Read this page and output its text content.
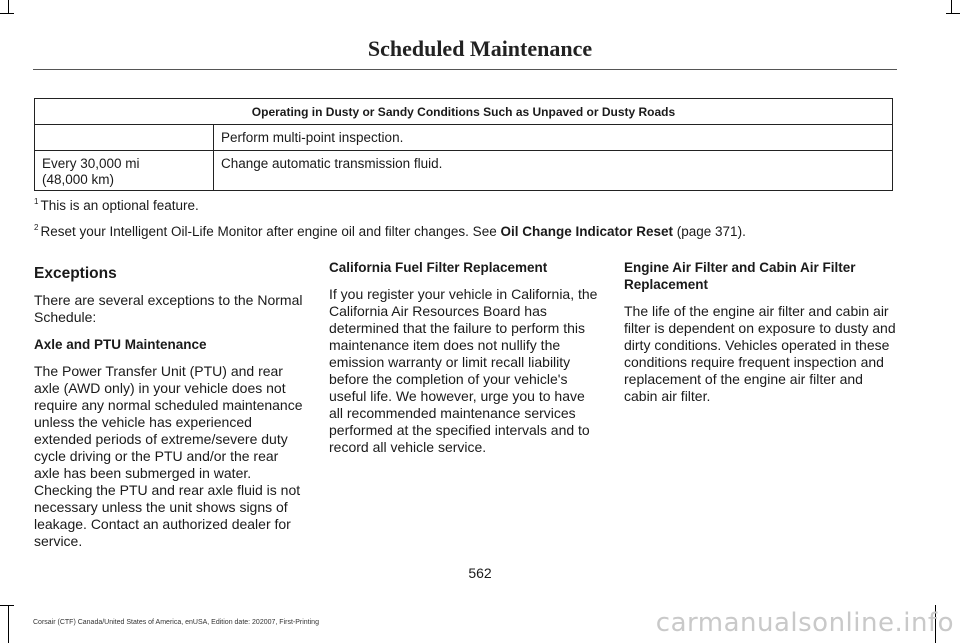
Scheduled Maintenance
Operating in Dusty or Sandy Conditions Such as Unpaved or Dusty Roads	
	Perform multi-point inspection.
Every 30,000 mi
(48,000 km)	Change automatic transmission fluid.
$^1$ This is an optional feature.
$^2$ Reset your Intelligent Oil-Life Monitor after engine oil and filter changes. See Oil Change Indicator Reset (page 371).
Exceptions

There are several exceptions to the Normal Schedule:

Axle and PTU Maintenance

The Power Transfer Unit (PTU) and rear axle (AWD only) in your vehicle does not require any normal scheduled maintenance unless the vehicle has experienced extended periods of extreme/severe duty cycle driving or the PTU and/or the rear axle has been submerged in water. Checking the PTU and rear axle fluid is not necessary unless the unit shows signs of leakage. Contact an authorized dealer for service.

California Fuel Filter Replacement

If you register your vehicle in California, the California Air Resources Board has determined that the failure to perform this maintenance item does not nullify the emission warranty or limit recall liability before the completion of your vehicle's useful life. We however, urge you to have all recommended maintenance services performed at the specified intervals and to record all vehicle service.

Engine Air Filter and Cabin Air Filter Replacement

The life of the engine air filter and cabin air filter is dependent on exposure to dusty and dirty conditions. Vehicles operated in these conditions require frequent inspection and replacement of the engine air filter and cabin air filter.

562
Corsair (CTF) Canada/United States of America, enUSA, Edition date: 202007, First-Printing	carmanualsonline.info
